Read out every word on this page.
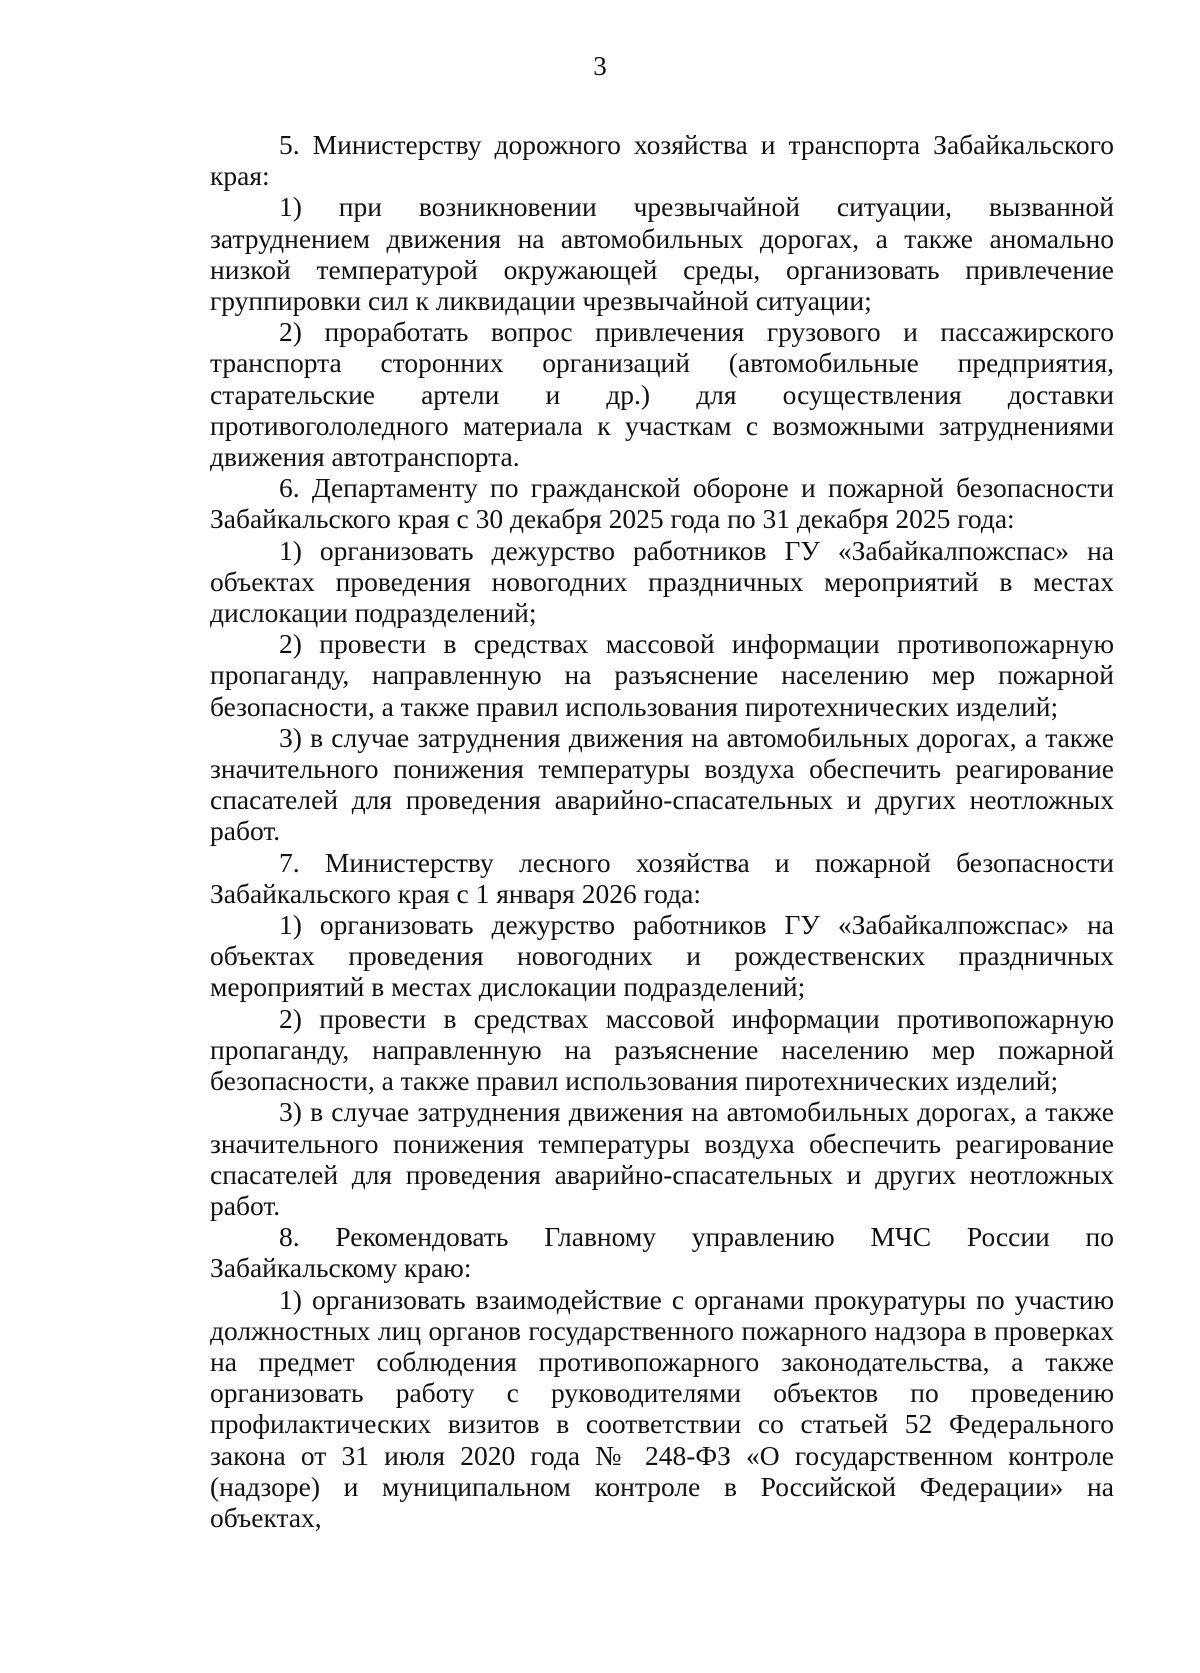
3

5. Министерству дорожного хозяйства и транспорта Забайкальского края:

1) при возникновении чрезвычайной ситуации, вызванной затруднением движения на автомобильных дорогах, а также аномально низкой температурой окружающей среды, организовать привлечение группировки сил к ликвидации чрезвычайной ситуации;

2) проработать вопрос привлечения грузового и пассажирского транспорта сторонних организаций (автомобильные предприятия, старательские артели и др.) для осуществления доставки противогололедного материала к участкам с возможными затруднениями движения автотранспорта.

6. Департаменту по гражданской обороне и пожарной безопасности Забайкальского края с 30 декабря 2025 года по 31 декабря 2025 года:

1) организовать дежурство работников ГУ «Забайкалпожспас» на объектах проведения новогодних праздничных мероприятий в местах дислокации подразделений;

2) провести в средствах массовой информации противопожарную пропаганду, направленную на разъяснение населению мер пожарной безопасности, а также правил использования пиротехнических изделий;

3) в случае затруднения движения на автомобильных дорогах, а также значительного понижения температуры воздуха обеспечить реагирование спасателей для проведения аварийно-спасательных и других неотложных работ.

7. Министерству лесного хозяйства и пожарной безопасности Забайкальского края с 1 января 2026 года:

1) организовать дежурство работников ГУ «Забайкалпожспас» на объектах проведения новогодних и рождественских праздничных мероприятий в местах дислокации подразделений;

2) провести в средствах массовой информации противопожарную пропаганду, направленную на разъяснение населению мер пожарной безопасности, а также правил использования пиротехнических изделий;

3) в случае затруднения движения на автомобильных дорогах, а также значительного понижения температуры воздуха обеспечить реагирование спасателей для проведения аварийно-спасательных и других неотложных работ.

8. Рекомендовать Главному управлению МЧС России по Забайкальскому краю:

1) организовать взаимодействие с органами прокуратуры по участию должностных лиц органов государственного пожарного надзора в проверках на предмет соблюдения противопожарного законодательства, а также организовать работу с руководителями объектов по проведению профилактических визитов в соответствии со статьей 52 Федерального закона от 31 июля 2020 года № 248-ФЗ «О государственном контроле (надзоре) и муниципальном контроле в Российской Федерации» на объектах,
